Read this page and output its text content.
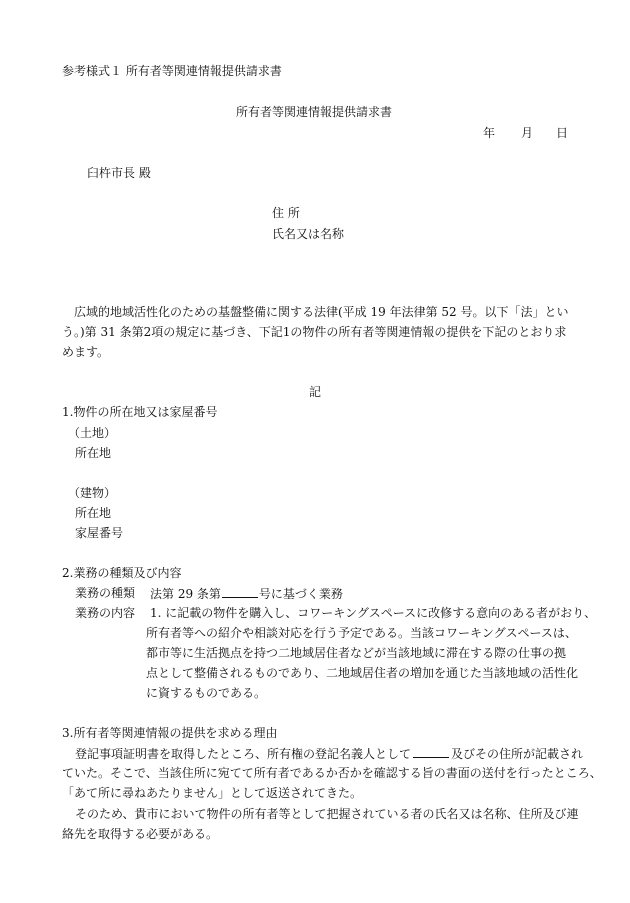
参考様式１ 所有者等関連情報提供請求書
所有者等関連情報提供請求書
年 月 日
臼杵市長 殿
住 所
氏名又は名称
広域的地域活性化のための基盤整備に関する法律(平成 19 年法律第 52 号。以下「法」とい
う。)第 31 条第2項の規定に基づき、下記1の物件の所有者等関連情報の提供を下記のとおり求
めます。
記
1.物件の所在地又は家屋番号
（土地）
所在地
（建物）
所在地
家屋番号
2.業務の種類及び内容
業務の種類 法第 29 条第	号に基づく業務
業務の内容 1. に記載の物件を購入し、コワーキングスペースに改修する意向のある者がおり、
所有者等への紹介や相談対応を行う予定である。当該コワーキングスペースは、
都市等に生活拠点を持つ二地域居住者などが当該地域に滞在する際の仕事の拠
点として整備されるものであり、二地域居住者の増加を通じた当該地域の活性化
に資するものである。
3.所有者等関連情報の提供を求める理由
登記事項証明書を取得したところ、所有権の登記名義人として	及びその住所が記載され
ていた。そこで、当該住所に宛てて所有者であるか否かを確認する旨の書面の送付を行ったところ、
「あて所に尋ねあたりません」として返送されてきた。
そのため、貴市において物件の所有者等として把握されている者の氏名又は名称、住所及び連
絡先を取得する必要がある。
